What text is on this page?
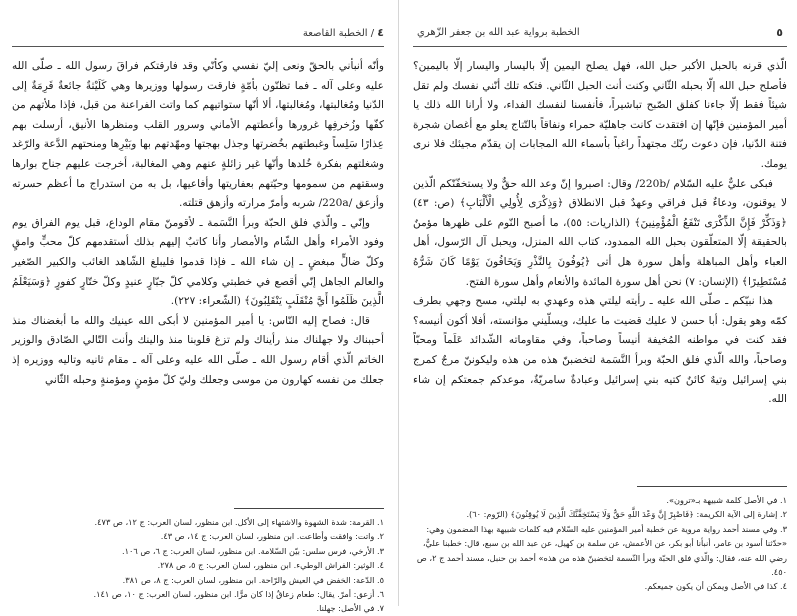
٤ / الخطبة القاصعة

وأنّه أنبأني بالحقّ ونعى إليّ نفسي وكأنّي وقد فارقتكم فراقَ رسول الله ـ صلّى الله عليه وعلى آله ـ فما تظنّون بأمّةٍ فارقت رسولها ووزيرها وهي كَلَيْثةٌ جائعةٌ قَرِمَةٌ إلى الدّنيا ومُغالبتها، ومُغالبتها، ألا أنّها ستواتيهم كما واتت الفراعنة من قبل، فإذا ملأتهم من كفّها وزُخرفِها غرورها وأعطتهم الأماني وسرور القلب ومنظرها الأنيق، أرسلت بهم عِذارًا سَلِساً وغبطتهم بخُضرتها وجذل بهجتها ومهّدتهم بها وبَيْرِها ومنحتهم الدَّعة والرّغد وشغلتهم بفكرة خُلدها وأنّها غير زائلةٍ عنهم وهي المغالبة، أخرجت عليهم جناح بوارها وسقتهم من سمومها وحيّتهم بعفاريتها وأفاعيها، بل به من استدراج ما أعظم حسرته وأزعق /220a/ شربه وأمرّ مرارته وأزهق قتلته.

وإنّي ـ والّذي فلق الحبّة وبرأ النَّسَمة ـ لأقومنّ مقام الوداع، قبل يوم الفراق يوم وفود الأمراء وأهل الشّام والأمصار وأنا كاتبٌ إليهم بذلك أستقدمهم كلّ محبٍّ وامقٍ وكلّ ضالٍّ مبغضٍ ـ إن شاء الله ـ فإذا قدموا فليبلغ الشّاهد الغائب والكبير الصّغير والعالم الجاهل إنّي أقصع في خطبتي وكلامي كلّ جبّارٍ عنيدٍ وكلّ ختّارٍ كفورٍ ﴿وَسَيَعْلَمُ الَّذِينَ ظَلَمُوا أَيَّ مُنْقَلَبٍ يَنْقَلِبُونَ﴾ (الشّعراء: ٢٢٧).

قال: فصاح إليه النّاس: يا أمير المؤمنين لا أبكى الله عينيك والله ما أبغضناك منذ أحببناك ولا جهلناك منذ رأيناك ولم تزغ قلوبنا منذ والينك وأنت التّالي الصّادق والوزير الخاتم الّذي أقام رسول الله ـ صلّى الله عليه وعلى آله ـ مقام ثانيه وتاليه ووزيره إذ جعلك من نفسه كهارون من موسى وجعلك وليّ كلّ مؤمنٍ ومؤمنةٍ وحبله الثّاني

١. القرمة: شدة الشهوة والاشتهاء إلى الأكل. ابن منظور، لسان العرب: ج ١٢، ص ٤٧٣.
٢. واتت: وافقت وأطاعت. ابن منظور، لسان العرب: ج ١٤، ص ٤٣.
٣. الأرخي، فرس سلس: بيّن السّلامة. ابن منظور، لسان العرب: ج ٦، ص ١٠٦.
٤. الوثير: الفراش الوطيء. ابن منظور، لسان العرب: ج ٥، ص ٢٧٨.
٥. الدّعة: الخفض في العيش والرّاحة. ابن منظور، لسان العرب: ج ٨، ص ٣٨١.
٦. أزعق: أمرّ. يقال: طعام زعاقٌ إذا كان مرًّا. ابن منظور، لسان العرب: ج ١٠، ص ١٤١.
٧. في الأصل: جهلنا.
٥
الخطبة برواية عبد الله بن جعفر الزّهري

الّذي قرنه بالحبل الأكبر حبل الله، فهل يصلح اليمين إلّا باليسار واليسار إلّا باليمين؟ فأصلح حبل الله إلّا بحبله الثّاني وكنت أنت الحبل الثّاني. فتكه تلك أنّني نفسك ولم تقل شيئاً فقط إلّا جاءنا كفلق الصّبح تباشيراً، فأنفسنا لنفسك الفداء، ولا أرانا الله ذلك يا أمير المؤمنين فإنّها إن افتقدت كانت جاهليّة حمراء ونفاقاً بالتّتاج يعلو مع أغصان شجرة فتنة الدّنيا، فإن دعوت ربّك مجتهداً راغباً بأسماء الله المجابات إن يقدّم مجيئك فلا نرى يومك.

فبكى عليٌّ عليه السّلام /220b/ وقال: اصبروا إنّ وعد الله حقٌّ ولا يستخفّنّكم الّذين لا يوقنون، ودعاءٌ قبل فراقي وعهدٌ قبل الانطلاق ﴿وَذِكْرَى لِأُولِي الْأَلْبَابِ﴾ (ص: ٤٣) ﴿وَذَكِّرْ فَإِنَّ الذِّكْرَى تَنْفَعُ الْمُؤْمِنِينَ﴾ (الذاريات: ٥٥)، ما أصبح النّوم على ظهرها مؤمنٌ بالحقيقة إلّا المتعلّقون بحبل الله الممدود، كتاب الله المنزل، ويحبل آل الرّسول، أهل العباء وأهل المباهلة وأهل سورة هل أتى ﴿يُوفُونَ بِالنَّذْرِ وَيَخَافُونَ يَوْمًا كَانَ شَرُّهُ مُسْتَطِيرًا﴾ (الإنسان: ٧) نحن أهل سورة المائدة والأنعام وأهل سورة الفتح.

هذا نبيّكم ـ صلّى الله عليه ـ رأيته ليلتي هذه وعهدي به ليلتي، مسح وجهي بطرف كمّه وهو يقول: أبا حسن لا عليك قضيت ما عليك، ويسلّيني مؤانسته، أفلا أكون أنيسه؟ فقد كنت في مواطنه المُخيفة أنيساً وصاحباً، وفي مقاوماته الشّدائد عَلَماً ومحبّاً وصاحباً، والله الّذي فلق الحبّة وبرأ النَّسَمة لتخضبنّ هذه من هذه وليكوننّ مرجٌ كمرج بني إسرائيل وتيهٌ كائنٌ كتيه بني إسرائيل وعبادةٌ سامريّةٌ، موعدكم جمعتكم إن شاء الله.

١. في الأصل كلمة شبيهة بـ«ترون».
٢. إشارة إلى الآية الكريمة: ﴿فَاصْبِرْ إِنَّ وَعْدَ اللَّهِ حَقٌّ وَلَا يَسْتَخِفَّنَّكَ الَّذِينَ لَا يُوقِنُونَ﴾ (الرّوم: ٦٠).
٣. وفي مسند أحمد رواية مروية عن خطبة أمير المؤمنين عليه السّلام فيه كلمات شبيهة بهذا المضمون وهي: «حدّثنا أسود بن عامر، أنبأنا أبو بكر، عن الأعمش، عن سلمة بن كهيل، عن عبد الله بن سبع، قال: خطبنا عليٌّ، رضي الله عنه، فقال: والّذي فلق الحبّة وبرأ النّسمة لتخضبنّ هذه من هذه» أحمد بن حنبل، مسند أحمد ج ٢، ص ٤٥٠.
٤. كذا في الأصل ويمكن أن يكون جميعكم.
